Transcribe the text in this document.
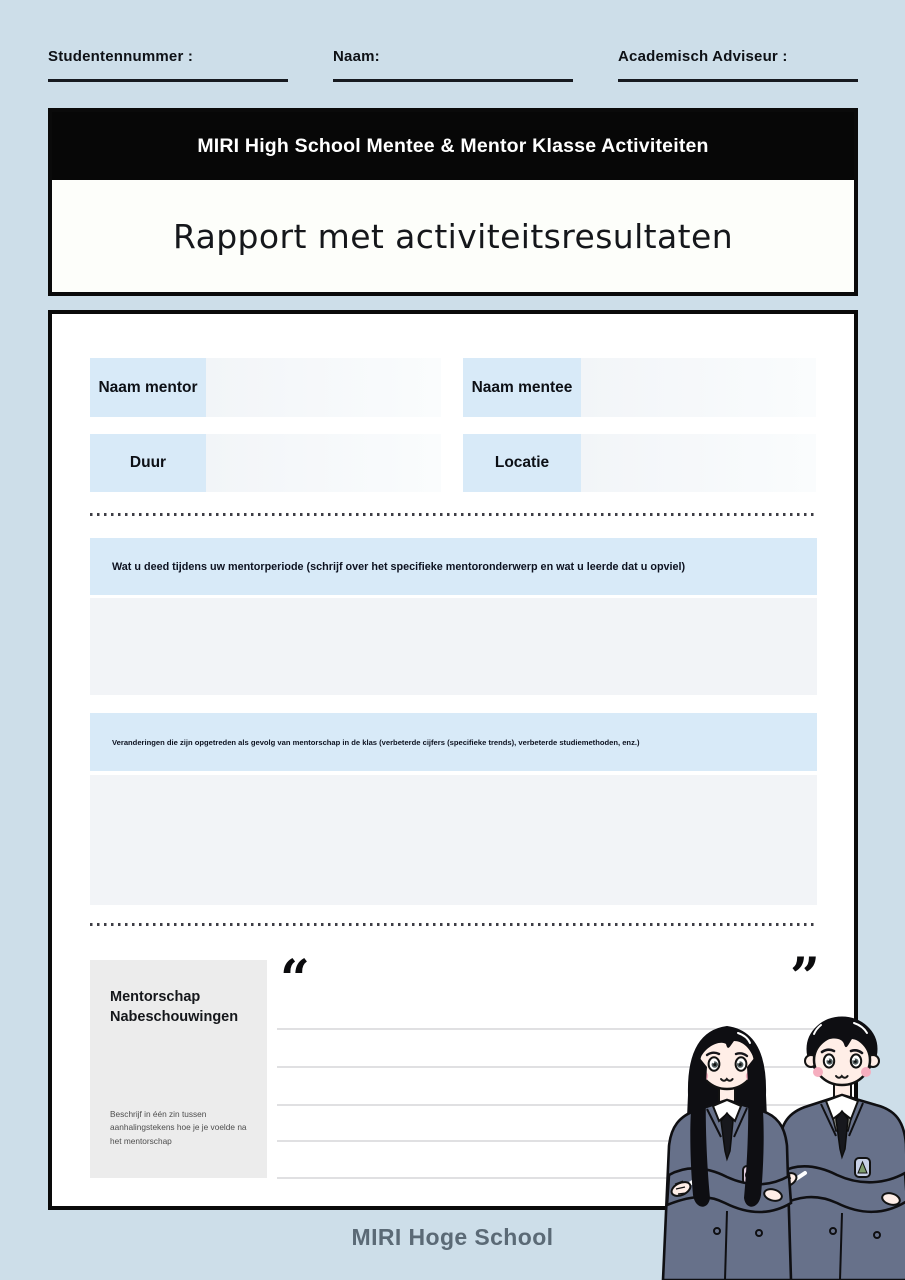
Studentennummer :	Naam:	Academisch Adviseur :
MIRI High School Mentee & Mentor Klasse Activiteiten
Rapport met activiteitsresultaten
Naam mentor	Naam mentee
Duur	Locatie
Wat u deed tijdens uw mentorperiode (schrijf over het specifieke mentoronderwerp en wat u leerde dat u opviel)
Veranderingen die zijn opgetreden als gevolg van mentorschap in de klas (verbeterde cijfers (specifieke trends), verbeterde studiemethoden, enz.)
Mentorschap Nabeschouwingen
Beschrijf in één zin tussen aanhalingstekens hoe je je voelde na het mentorschap
“	”
MIRI Hoge School
